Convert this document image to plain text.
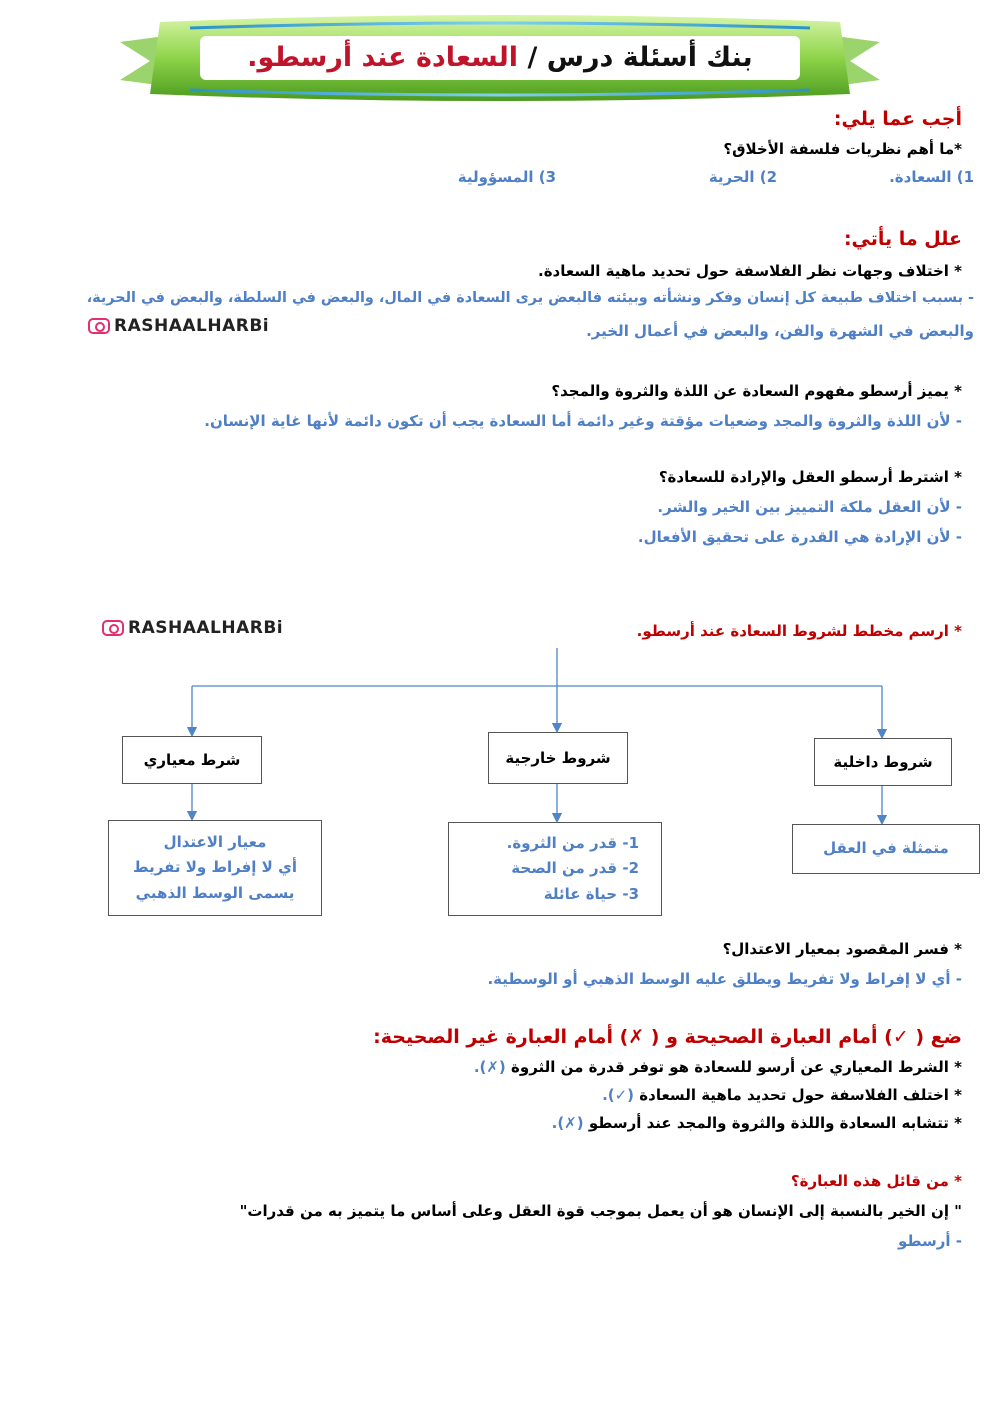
بنك أسئلة درس / السعادة عند أرسطو.
أجب عما يلي:
*ما أهم نظريات فلسفة الأخلاق؟
1) السعادة.
2) الحرية
3) المسؤولية
علل ما يأتي:
* اختلاف وجهات نظر الفلاسفة حول تحديد ماهية السعادة.
- بسبب اختلاف طبيعة كل إنسان وفكر ونشأته وبيئته فالبعض يرى السعادة في المال، والبعض في السلطة، والبعض في الحرية،
والبعض في الشهرة والفن، والبعض في أعمال الخير.
RASHAALHARBi
* يميز أرسطو مفهوم السعادة عن اللذة والثروة والمجد؟
- لأن اللذة والثروة والمجد وضعيات مؤقتة وغير دائمة أما السعادة يجب أن تكون دائمة لأنها غاية الإنسان.
* اشترط أرسطو العقل والإرادة للسعادة؟
- لأن العقل ملكة التمييز بين الخير والشر.
- لأن الإرادة هي القدرة على تحقيق الأفعال.
RASHAALHARBi	* ارسم مخطط لشروط السعادة عند أرسطو.
شرط معياري	شروط خارجية	شروط داخلية
معيار الاعتدال
أي لا إفراط ولا تفريط
يسمى الوسط الذهبي
1- قدر من الثروة.
2- قدر من الصحة
3- حياة عائلة
متمثلة في العقل
* فسر المقصود بمعيار الاعتدال؟
- أي لا إفراط ولا تفريط ويطلق عليه الوسط الذهبي أو الوسطية.
ضع ( ✓) أمام العبارة الصحيحة و ( ✗) أمام العبارة غير الصحيحة:
* الشرط المعياري عن أرسو للسعادة هو توفر قدرة من الثروة (✗).
* اختلف الفلاسفة حول تحديد ماهية السعادة (✓).
* تتشابه السعادة واللذة والثروة والمجد عند أرسطو (✗).
* من قائل هذه العبارة؟
" إن الخير بالنسبة إلى الإنسان هو أن يعمل بموجب قوة العقل وعلى أساس ما يتميز به من قدرات"
- أرسطو
